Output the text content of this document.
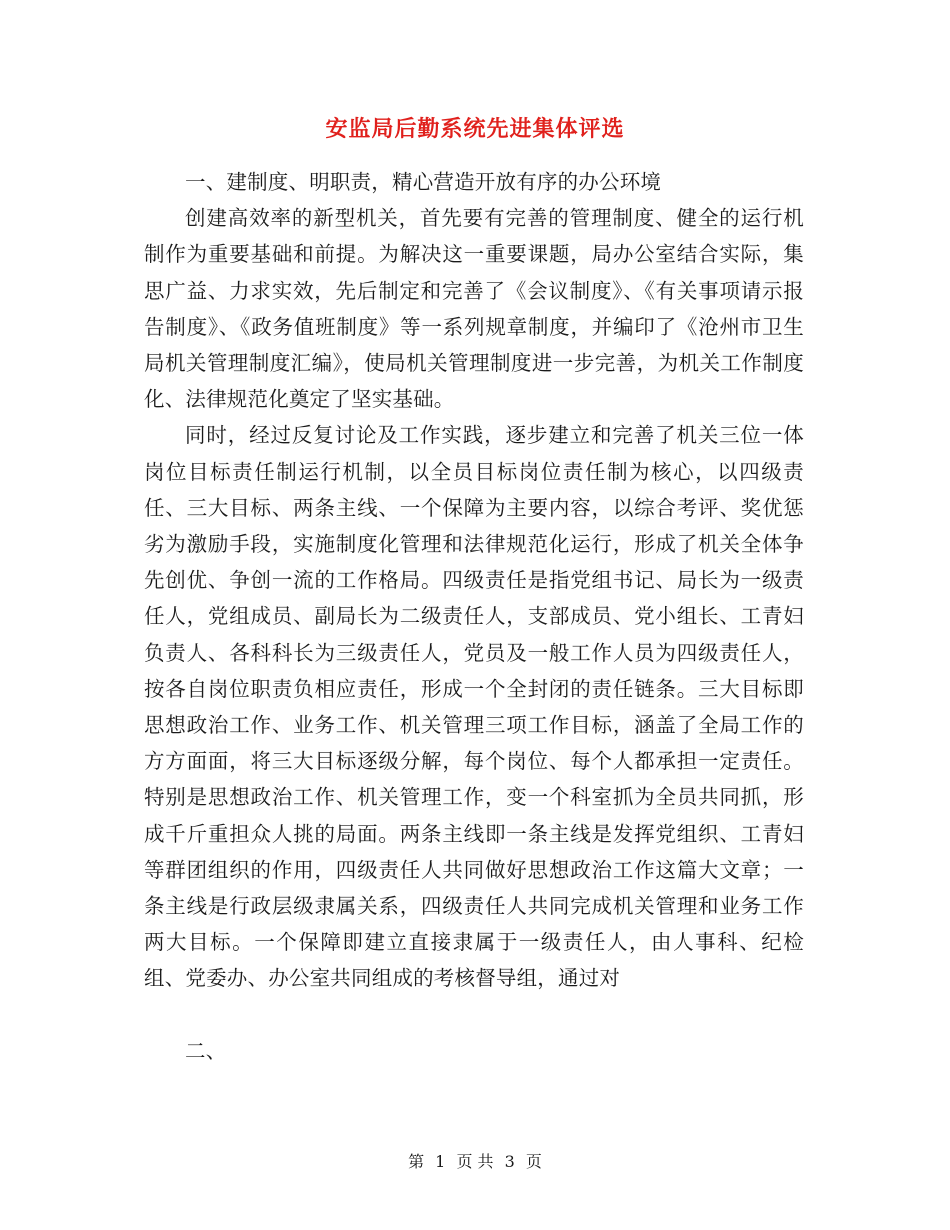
安监局后勤系统先进集体评选

一、建制度、明职责，精心营造开放有序的办公环境

创建高效率的新型机关，首先要有完善的管理制度、健全的运行机制作为重要基础和前提。为解决这一重要课题，局办公室结合实际，集思广益、力求实效，先后制定和完善了《会议制度》、《有关事项请示报告制度》、《政务值班制度》等一系列规章制度，并编印了《沧州市卫生局机关管理制度汇编》，使局机关管理制度进一步完善，为机关工作制度化、法律规范化奠定了坚实基础。

同时，经过反复讨论及工作实践，逐步建立和完善了机关三位一体岗位目标责任制运行机制，以全员目标岗位责任制为核心，以四级责任、三大目标、两条主线、一个保障为主要内容，以综合考评、奖优惩劣为激励手段，实施制度化管理和法律规范化运行，形成了机关全体争先创优、争创一流的工作格局。四级责任是指党组书记、局长为一级责任人，党组成员、副局长为二级责任人，支部成员、党小组长、工青妇负责人、各科科长为三级责任人，党员及一般工作人员为四级责任人，按各自岗位职责负相应责任，形成一个全封闭的责任链条。三大目标即思想政治工作、业务工作、机关管理三项工作目标，涵盖了全局工作的方方面面，将三大目标逐级分解，每个岗位、每个人都承担一定责任。特别是思想政治工作、机关管理工作，变一个科室抓为全员共同抓，形成千斤重担众人挑的局面。两条主线即一条主线是发挥党组织、工青妇等群团组织的作用，四级责任人共同做好思想政治工作这篇大文章；一条主线是行政层级隶属关系，四级责任人共同完成机关管理和业务工作两大目标。一个保障即建立直接隶属于一级责任人，由人事科、纪检组、党委办、办公室共同组成的考核督导组，通过对

二、

第 1 页 共 3 页
